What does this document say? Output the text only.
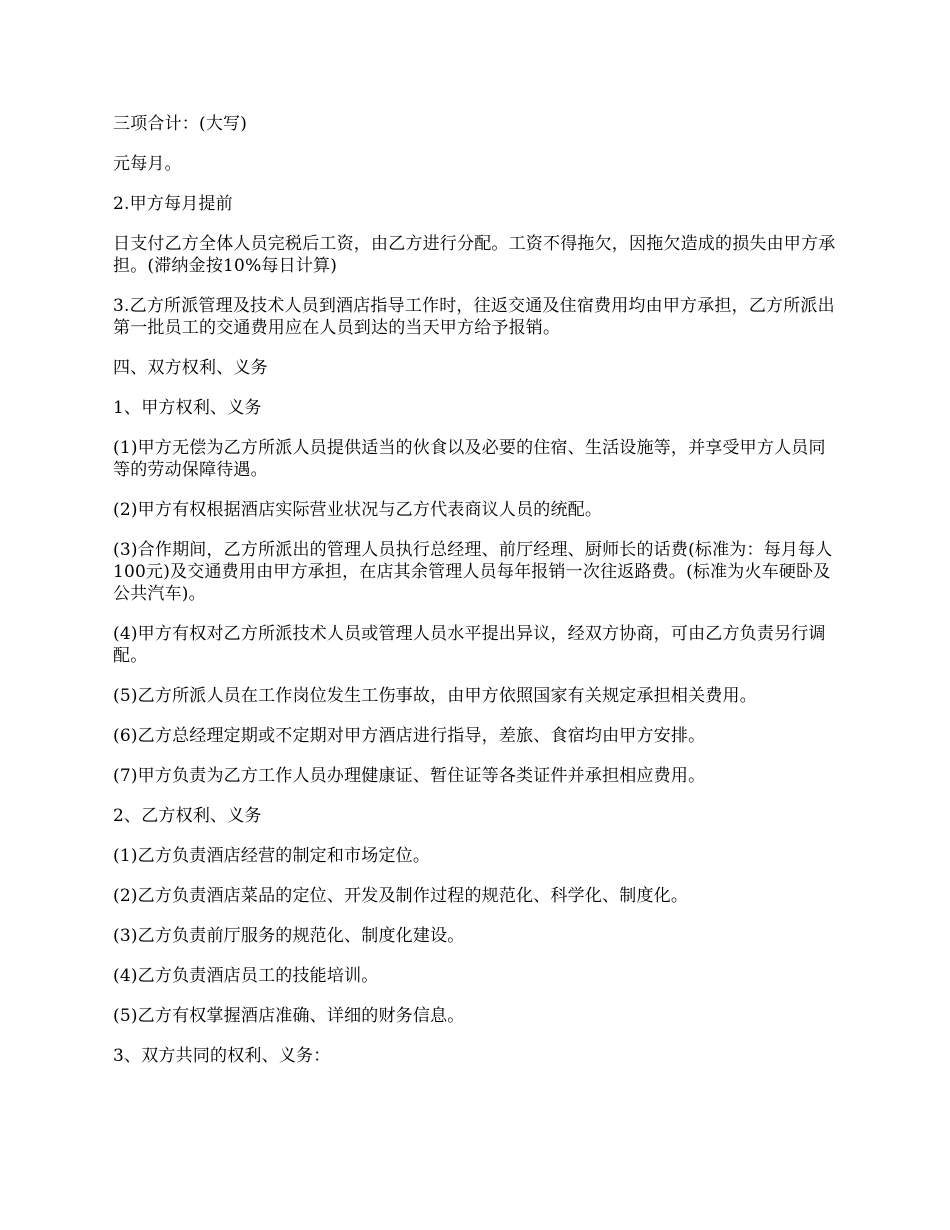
三项合计：(大写)

元每月。

2.甲方每月提前

日支付乙方全体人员完税后工资，由乙方进行分配。工资不得拖欠，因拖欠造成的损失由甲方承担。(滞纳金按10%每日计算)

3.乙方所派管理及技术人员到酒店指导工作时，往返交通及住宿费用均由甲方承担，乙方所派出第一批员工的交通费用应在人员到达的当天甲方给予报销。

四、双方权利、义务

1、甲方权利、义务

(1)甲方无偿为乙方所派人员提供适当的伙食以及必要的住宿、生活设施等，并享受甲方人员同等的劳动保障待遇。

(2)甲方有权根据酒店实际营业状况与乙方代表商议人员的统配。

(3)合作期间，乙方所派出的管理人员执行总经理、前厅经理、厨师长的话费(标准为：每月每人100元)及交通费用由甲方承担，在店其余管理人员每年报销一次往返路费。(标准为火车硬卧及公共汽车)。

(4)甲方有权对乙方所派技术人员或管理人员水平提出异议，经双方协商，可由乙方负责另行调配。

(5)乙方所派人员在工作岗位发生工伤事故，由甲方依照国家有关规定承担相关费用。

(6)乙方总经理定期或不定期对甲方酒店进行指导，差旅、食宿均由甲方安排。

(7)甲方负责为乙方工作人员办理健康证、暂住证等各类证件并承担相应费用。

2、乙方权利、义务

(1)乙方负责酒店经营的制定和市场定位。

(2)乙方负责酒店菜品的定位、开发及制作过程的规范化、科学化、制度化。

(3)乙方负责前厅服务的规范化、制度化建设。

(4)乙方负责酒店员工的技能培训。

(5)乙方有权掌握酒店准确、详细的财务信息。

3、双方共同的权利、义务：
